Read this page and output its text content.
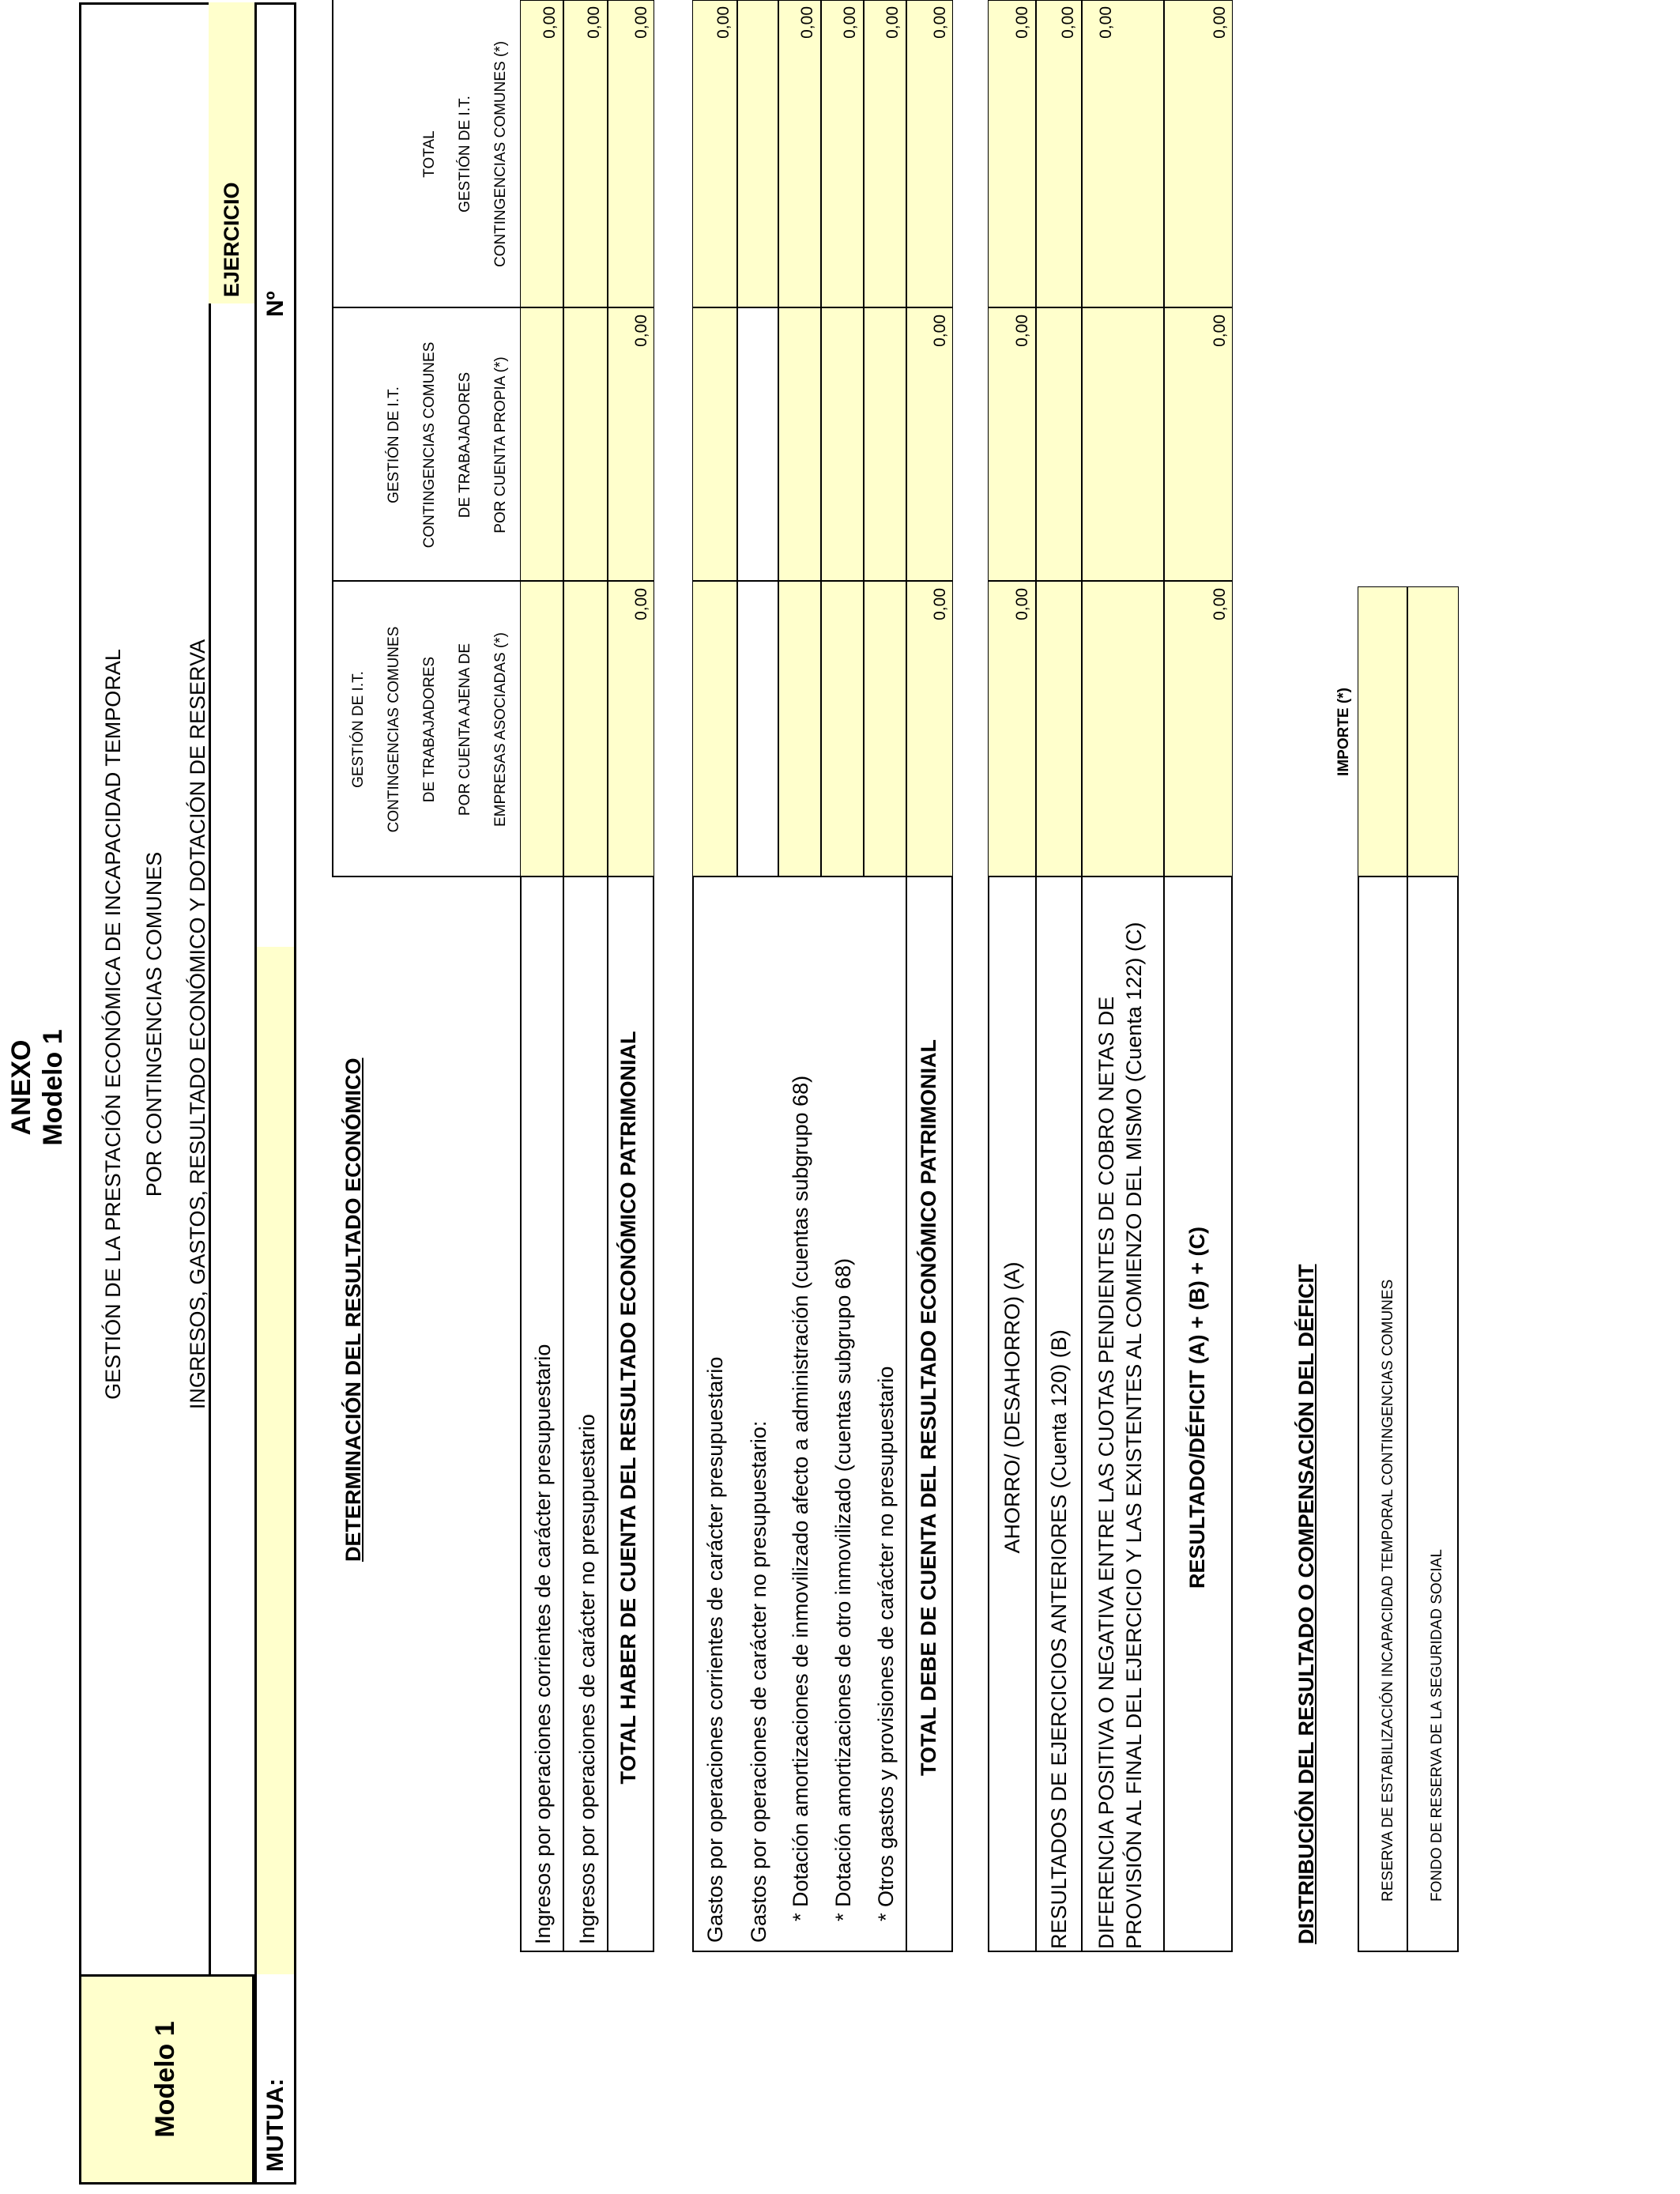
ANEXO Modelo 1
Modelo 1
GESTIÓN DE LA PRESTACIÓN ECONÓMICA DE INCAPACIDAD TEMPORAL POR CONTINGENCIAS COMUNES INGRESOS, GASTOS, RESULTADO ECONÓMICO Y DOTACIÓN DE RESERVA
EJERCICIO
MUTUA:
Nº
DETERMINACIÓN DEL RESULTADO ECONÓMICO
GESTIÓN DE I.T. CONTINGENCIAS COMUNES DE TRABAJADORES POR CUENTA AJENA DE EMPRESAS ASOCIADAS (*)
GESTIÓN DE I.T. CONTINGENCIAS COMUNES DE TRABAJADORES POR CUENTA PROPIA (*)
TOTAL GESTIÓN DE I.T. CONTINGENCIAS COMUNES (*)
Ingresos por operaciones corrientes de carácter presupuestario Ingresos por operaciones de carácter no presupuestario TOTAL HABER DE CUENTA DEL RESULTADO ECONÓMICO PATRIMONIAL
0,00 0,00
0,00
0,00
0,00
Gastos por operaciones corrientes de carácter presupuestario Gastos por operaciones de carácter no presupuestario: * Dotación amortizaciones de inmovilizado afecto a administración (cuentas subgrupo 68) * Dotación amortizaciones de otro inmovilizado (cuentas subgrupo 68) * Otros gastos y provisiones de carácter no presupuestario TOTAL DEBE DE CUENTA DEL RESULTADO ECONÓMICO PATRIMONIAL
0,00	0,00 0,00 0,00
0,00
0,00
0,00
AHORRO/ (DESAHORRO) (A) RESULTADOS DE EJERCICIOS ANTERIORES (Cuenta 120) (B) DIFERENCIA POSITIVA O NEGATIVA ENTRE LAS CUOTAS PENDIENTES DE COBRO NETAS DE PROVISIÓN AL FINAL DEL EJERCICIO Y LAS EXISTENTES AL COMIENZO DEL MISMO (Cuenta 122) (C) RESULTADO/DÉFICIT (A) + (B) + (C)
0,00
0,00
0,00 0,00 0,00
0,00
0,00
0,00
DISTRIBUCIÓN DEL RESULTADO O COMPENSACIÓN DEL DÉFICIT
IMPORTE (*)
RESERVA DE ESTABILIZACIÓN INCAPACIDAD TEMPORAL CONTINGENCIAS COMUNES FONDO DE RESERVA DE LA SEGURIDAD SOCIAL
